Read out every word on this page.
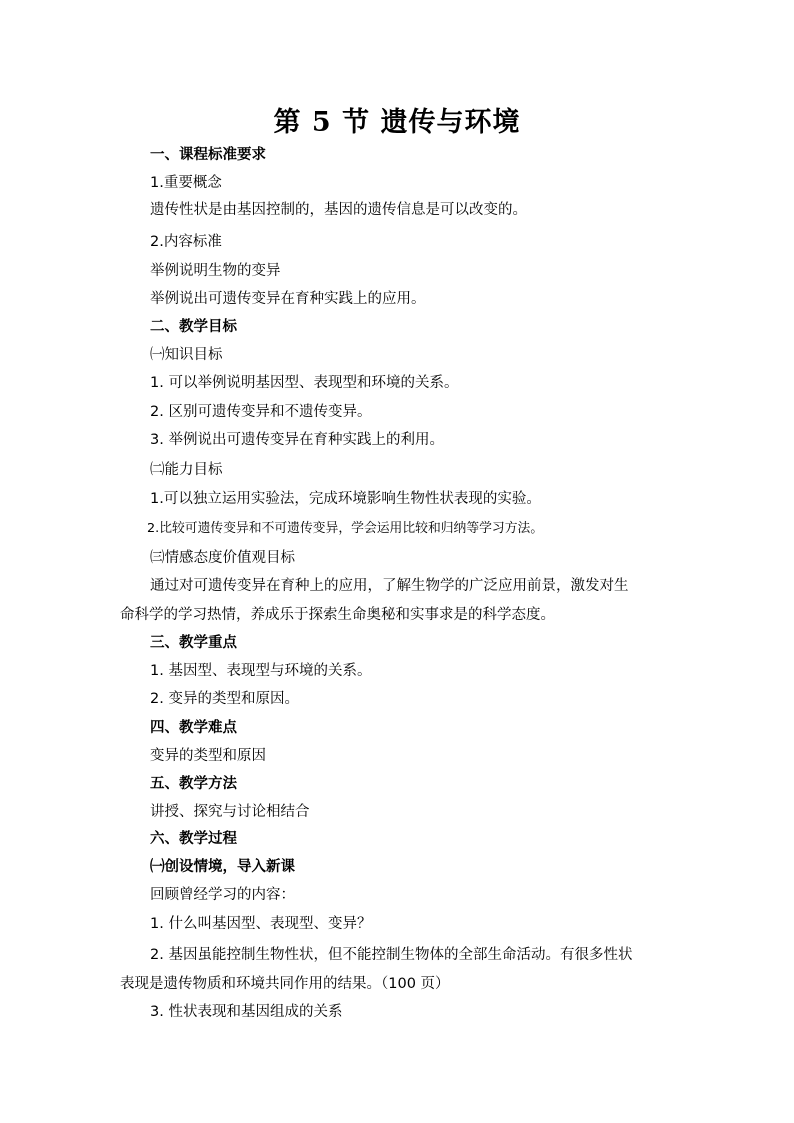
第 5 节 遗传与环境
一、课程标准要求
1.重要概念
遗传性状是由基因控制的，基因的遗传信息是可以改变的。
2.内容标准
举例说明生物的变异
举例说出可遗传变异在育种实践上的应用。
二、教学目标
㈠知识目标
1. 可以举例说明基因型、表现型和环境的关系。
2. 区别可遗传变异和不遗传变异。
3. 举例说出可遗传变异在育种实践上的利用。
㈡能力目标
1.可以独立运用实验法，完成环境影响生物性状表现的实验。
2.比较可遗传变异和不可遗传变异，学会运用比较和归纳等学习方法。
㈢情感态度价值观目标
通过对可遗传变异在育种上的应用，了解生物学的广泛应用前景，激发对生
命科学的学习热情，养成乐于探索生命奥秘和实事求是的科学态度。
三、教学重点
1. 基因型、表现型与环境的关系。
2. 变异的类型和原因。
四、教学难点
变异的类型和原因
五、教学方法
讲授、探究与讨论相结合
六、教学过程
㈠创设情境，导入新课
回顾曾经学习的内容：
1. 什么叫基因型、表现型、变异？
2. 基因虽能控制生物性状，但不能控制生物体的全部生命活动。有很多性状
表现是遗传物质和环境共同作用的结果。（100 页）
3. 性状表现和基因组成的关系
